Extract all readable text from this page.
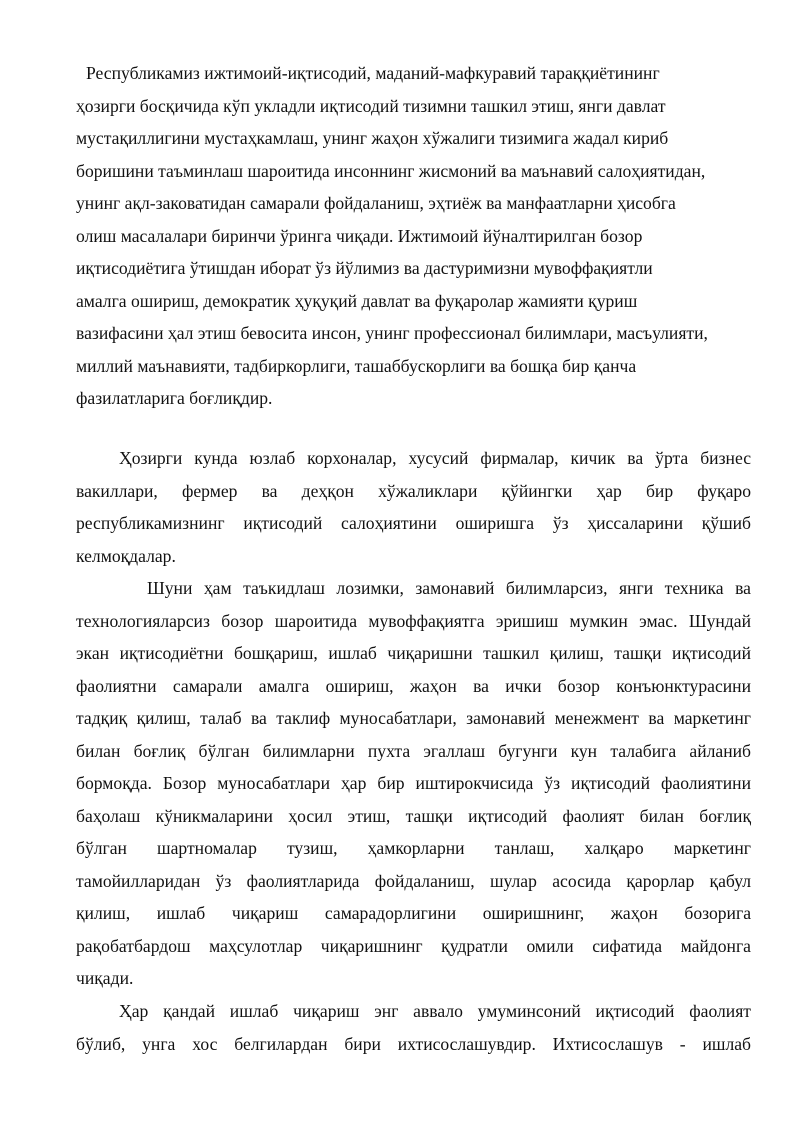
Республикамиз ижтимоий-иқтисодий, маданий-мафкуравий тараққиётининг
ҳозирги босқичида кўп укладли иқтисодий тизимни ташкил этиш, янги давлат
мустақиллигини мустаҳкамлаш, унинг жаҳон хўжалиги тизимига жадал кириб
боришини таъминлаш шароитида инсоннинг жисмоний ва маънавий салоҳиятидан,
унинг ақл-заковатидан самарали фойдаланиш, эҳтиёж ва манфаатларни ҳисобга
олиш масалалари биринчи ўринга чиқади. Ижтимоий йўналтирилган бозор
иқтисодиётига ўтишдан иборат ўз йўлимиз ва дастуримизни мувоффақиятли
амалга ошириш, демократик ҳуқуқий давлат ва фуқаролар жамияти қуриш
вазифасини ҳал этиш бевосита инсон, унинг профессионал билимлари, масъулияти,
миллий маънавияти, тадбиркорлиги, ташаббускорлиги ва бошқа бир қанча
фазилатларига боғлиқдир.
Ҳозирги кунда юзлаб корхоналар, хусусий фирмалар, кичик ва ўрта бизнес
вакиллари, фермер ва деҳқон хўжаликлари қўйингки ҳар бир фуқаро
республикамизнинг иқтисодий салоҳиятини оширишга ўз ҳиссаларини қўшиб
келмоқдалар.
Шуни ҳам таъкидлаш лозимки, замонавий билимларсиз, янги техника ва
технологияларсиз бозор шароитида мувоффақиятга эришиш мумкин эмас. Шундай
экан иқтисодиётни бошқариш, ишлаб чиқаришни ташкил қилиш, ташқи иқтисодий
фаолиятни самарали амалга ошириш, жаҳон ва ички бозор конъюнктурасини
тадқиқ қилиш, талаб ва таклиф муносабатлари, замонавий менежмент ва маркетинг
билан боғлиқ бўлган билимларни пухта эгаллаш бугунги кун талабига айланиб
бормоқда. Бозор муносабатлари ҳар бир иштирокчисида ўз иқтисодий фаолиятини
баҳолаш кўникмаларини ҳосил этиш, ташқи иқтисодий фаолият билан боғлиқ
бўлган шартномалар тузиш, ҳамкорларни танлаш, халқаро маркетинг
тамойилларидан ўз фаолиятларида фойдаланиш, шулар асосида қарорлар қабул
қилиш, ишлаб чиқариш самарадорлигини оширишнинг, жаҳон бозорига
рақобатбардош маҳсулотлар чиқаришнинг қудратли омили сифатида майдонга
чиқади.
Ҳар қандай ишлаб чиқариш энг аввало умуминсоний иқтисодий фаолият
бўлиб, унга хос белгилардан бири ихтисослашувдир. Ихтисослашув - ишлаб
